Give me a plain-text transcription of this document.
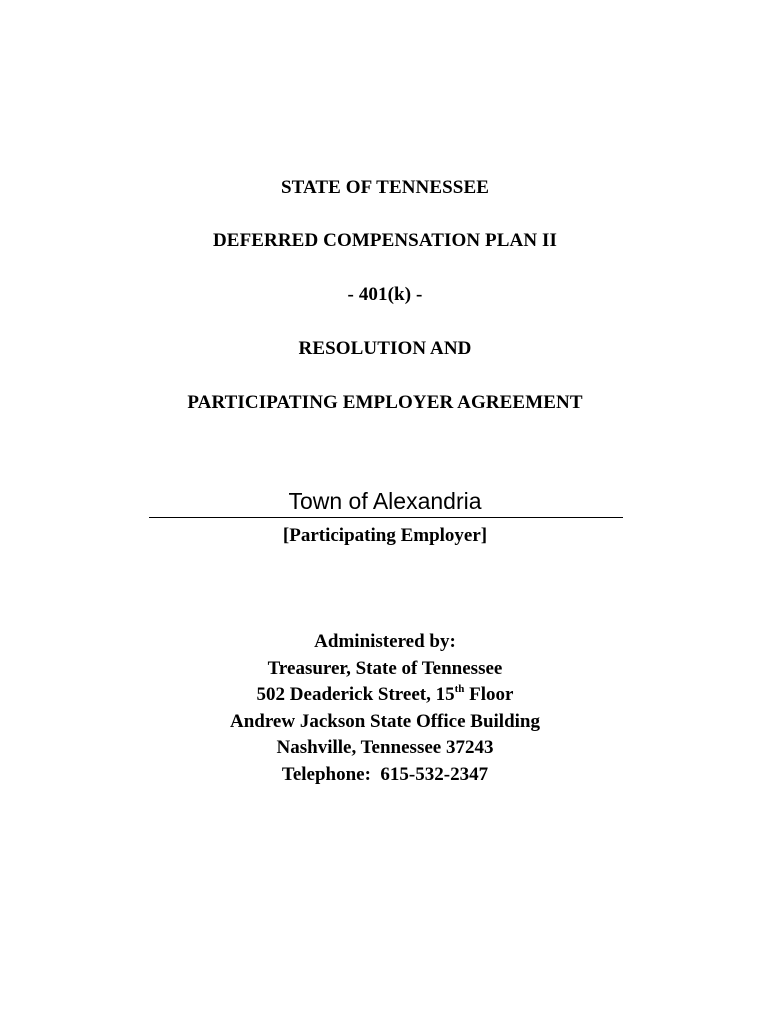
STATE OF TENNESSEE
DEFERRED COMPENSATION PLAN II
- 401(k) -
RESOLUTION AND
PARTICIPATING EMPLOYER AGREEMENT
Town of Alexandria
[Participating Employer]
Administered by:
Treasurer, State of Tennessee
502 Deaderick Street, 15th Floor
Andrew Jackson State Office Building
Nashville, Tennessee 37243
Telephone:  615-532-2347
